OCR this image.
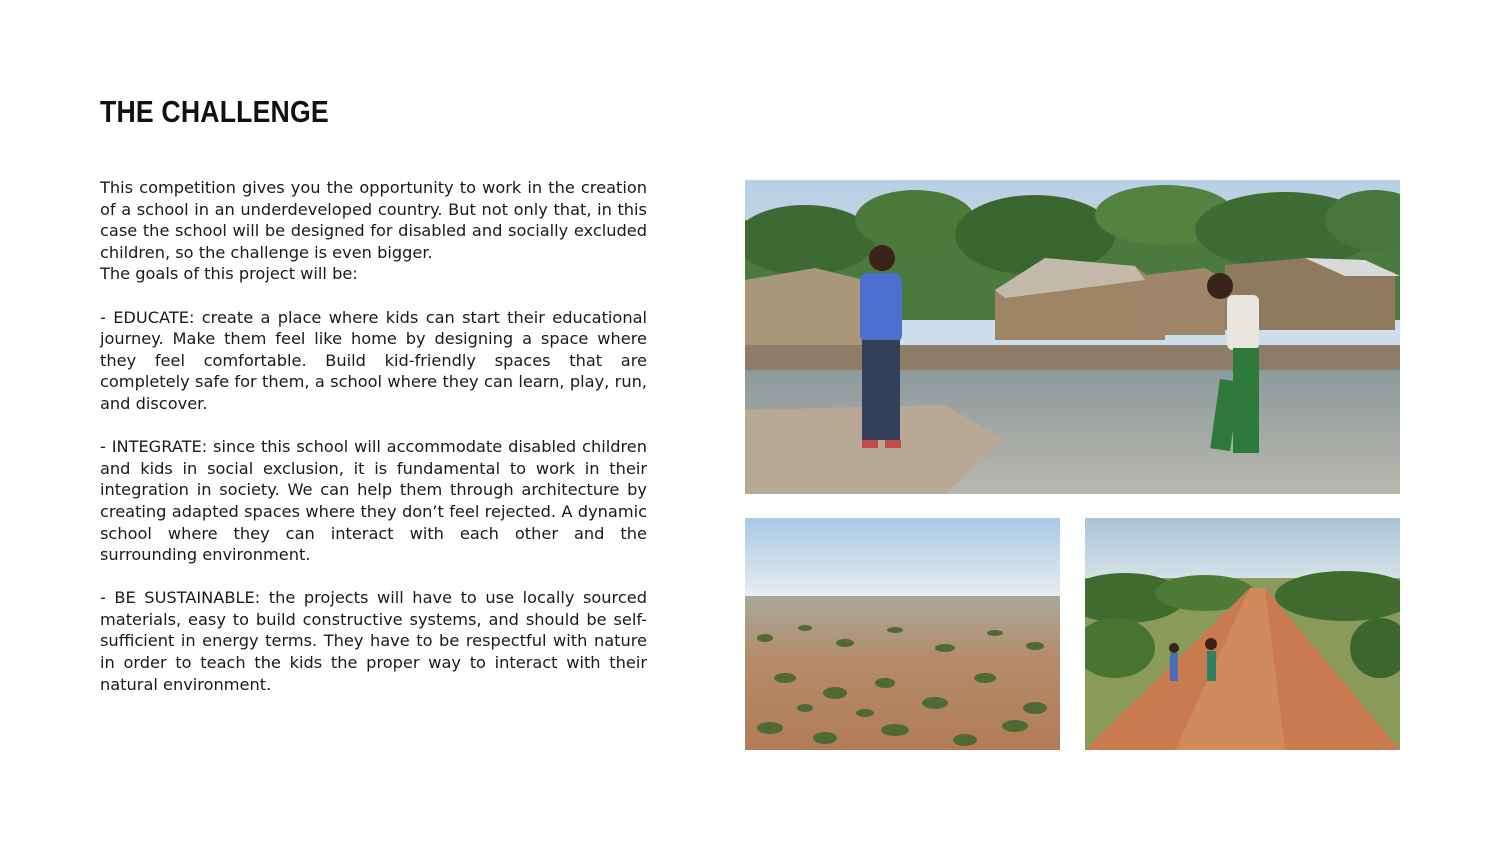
THE CHALLENGE

This competition gives you the opportunity to work in the creation of a school in an underdeveloped country. But not only that, in this case the school will be designed for disabled and socially excluded children, so the challenge is even bigger.

The goals of this project will be:

- EDUCATE: create a place where kids can start their educational journey. Make them feel like home by designing a space where they feel comfortable. Build kid-friendly spaces that are completely safe for them, a school where they can learn, play, run, and discover.

- INTEGRATE: since this school will accommodate disabled children and kids in social exclusion, it is fundamental to work in their integration in society. We can help them through architecture by creating adapted spaces where they don’t feel rejected. A dynamic school where they can interact with each other and the surrounding environment.

- BE SUSTAINABLE: the projects will have to use locally sourced materials, easy to build constructive systems, and should be self-sufficient in energy terms. They have to be respectful with nature in order to teach the kids the proper way to interact with their natural environment.
